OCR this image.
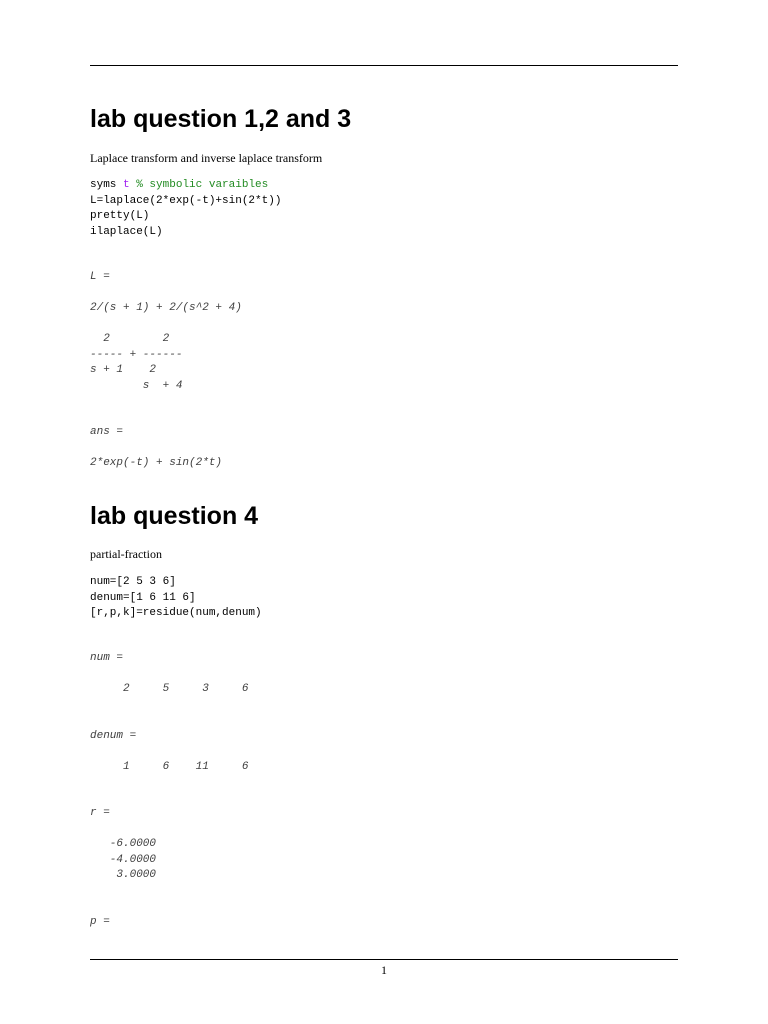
lab question 1,2 and 3

Laplace transform and inverse laplace transform

syms t % symbolic varaibles
L=laplace(2*exp(-t)+sin(2*t))
pretty(L)
ilaplace(L)
L =

2/(s + 1) + 2/(s^2 + 4)

2        2
----- + ------
s + 1    2
s  + 4

ans =

2*exp(-t) + sin(2*t)
lab question 4

partial-fraction

num=[2 5 3 6]
denum=[1 6 11 6]
[r,p,k]=residue(num,denum)
num =

2     5     3     6

denum =

1     6    11     6

r =

-6.0000
-4.0000
3.0000

p =
1
